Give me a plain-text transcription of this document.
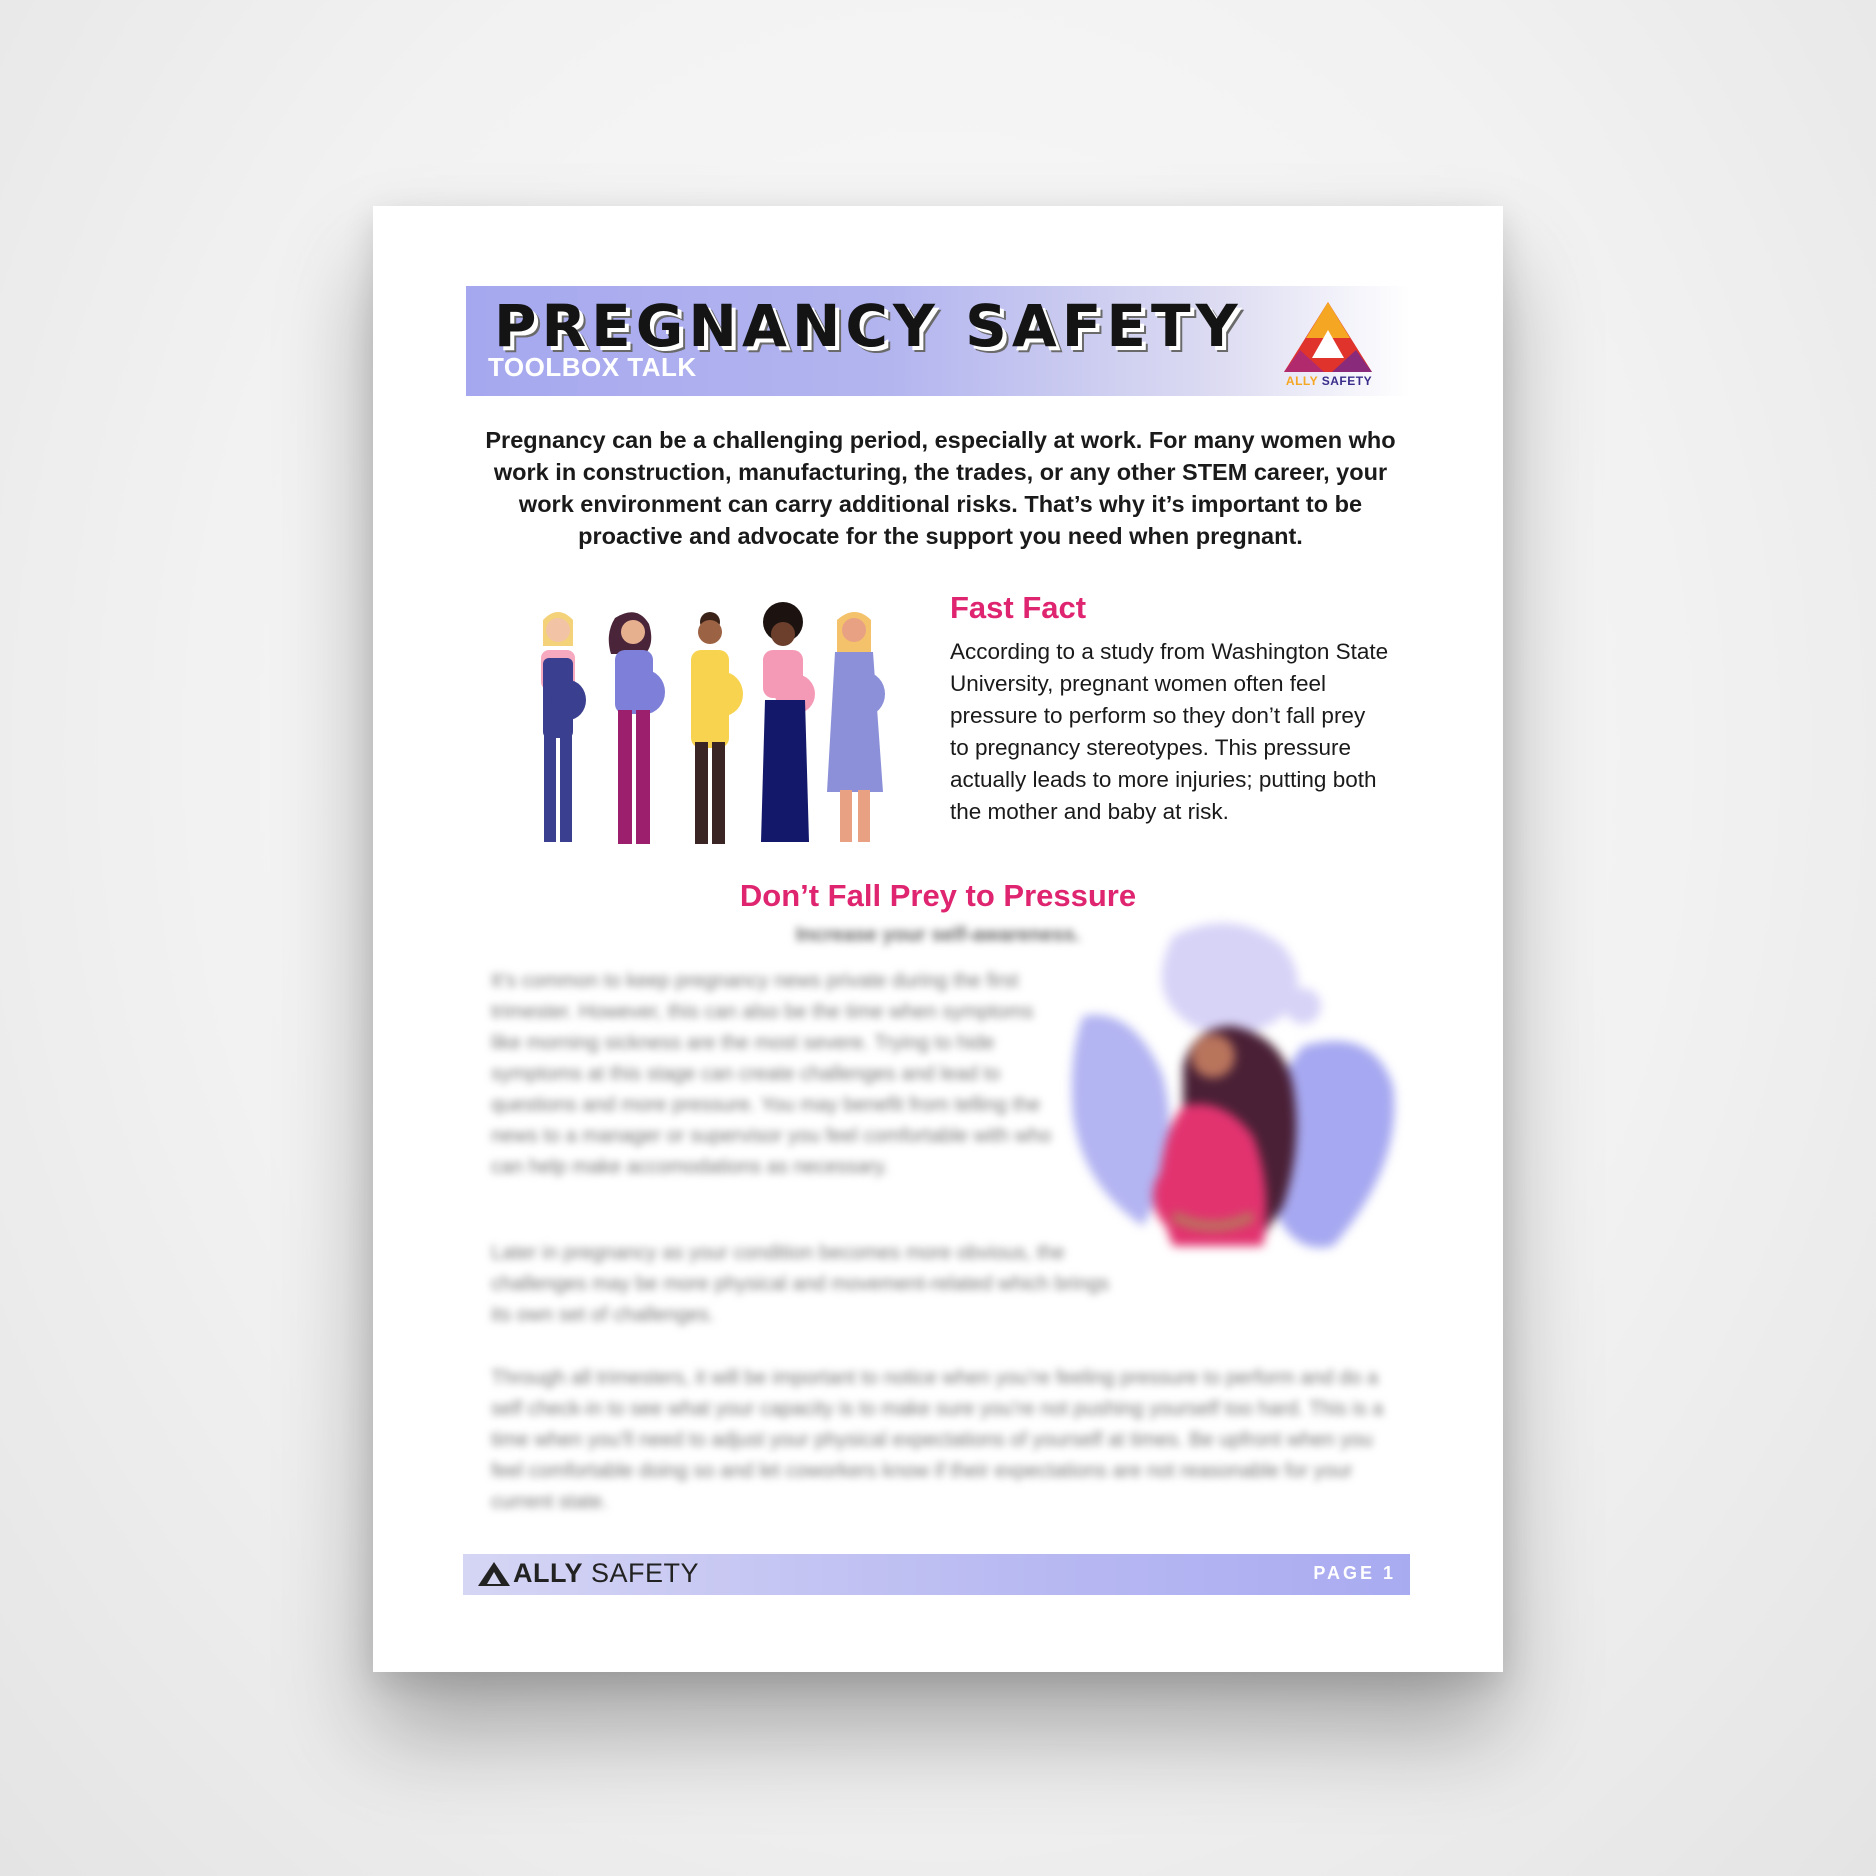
PREGNANCY SAFETY
TOOLBOX TALK	ALLY SAFETY

Pregnancy can be a challenging period, especially at work. For many women who work in construction, manufacturing, the trades, or any other STEM career, your work environment can carry additional risks. That’s why it’s important to be proactive and advocate for the support you need when pregnant.

Fast Fact

According to a study from Washington State University, pregnant women often feel pressure to perform so they don’t fall prey to pregnancy stereotypes. This pressure actually leads to more injuries; putting both the mother and baby at risk.

Don’t Fall Prey to Pressure
Increase your self-awareness.

It’s common to keep pregnancy news private during the first trimester. However, this can also be the time when symptoms like morning sickness are the most severe. Trying to hide symptoms at this stage can create challenges and lead to questions and more pressure. You may benefit from telling the news to a manager or supervisor you feel comfortable with who can help make accomodations as necessary.

Later in pregnancy as your condition becomes more obvious, the challenges may be more physical and movement-related which brings its own set of challenges.

Through all trimesters, it will be important to notice when you’re feeling pressure to perform and do a self check-in to see what your capacity is to make sure you’re not pushing yourself too hard. This is a time when you’ll need to adjust your physical expectations of yourself at times. Be upfront when you feel comfortable doing so and let coworkers know if their expectations are not reasonable for your current state.

ALLY SAFETY	PAGE 1
